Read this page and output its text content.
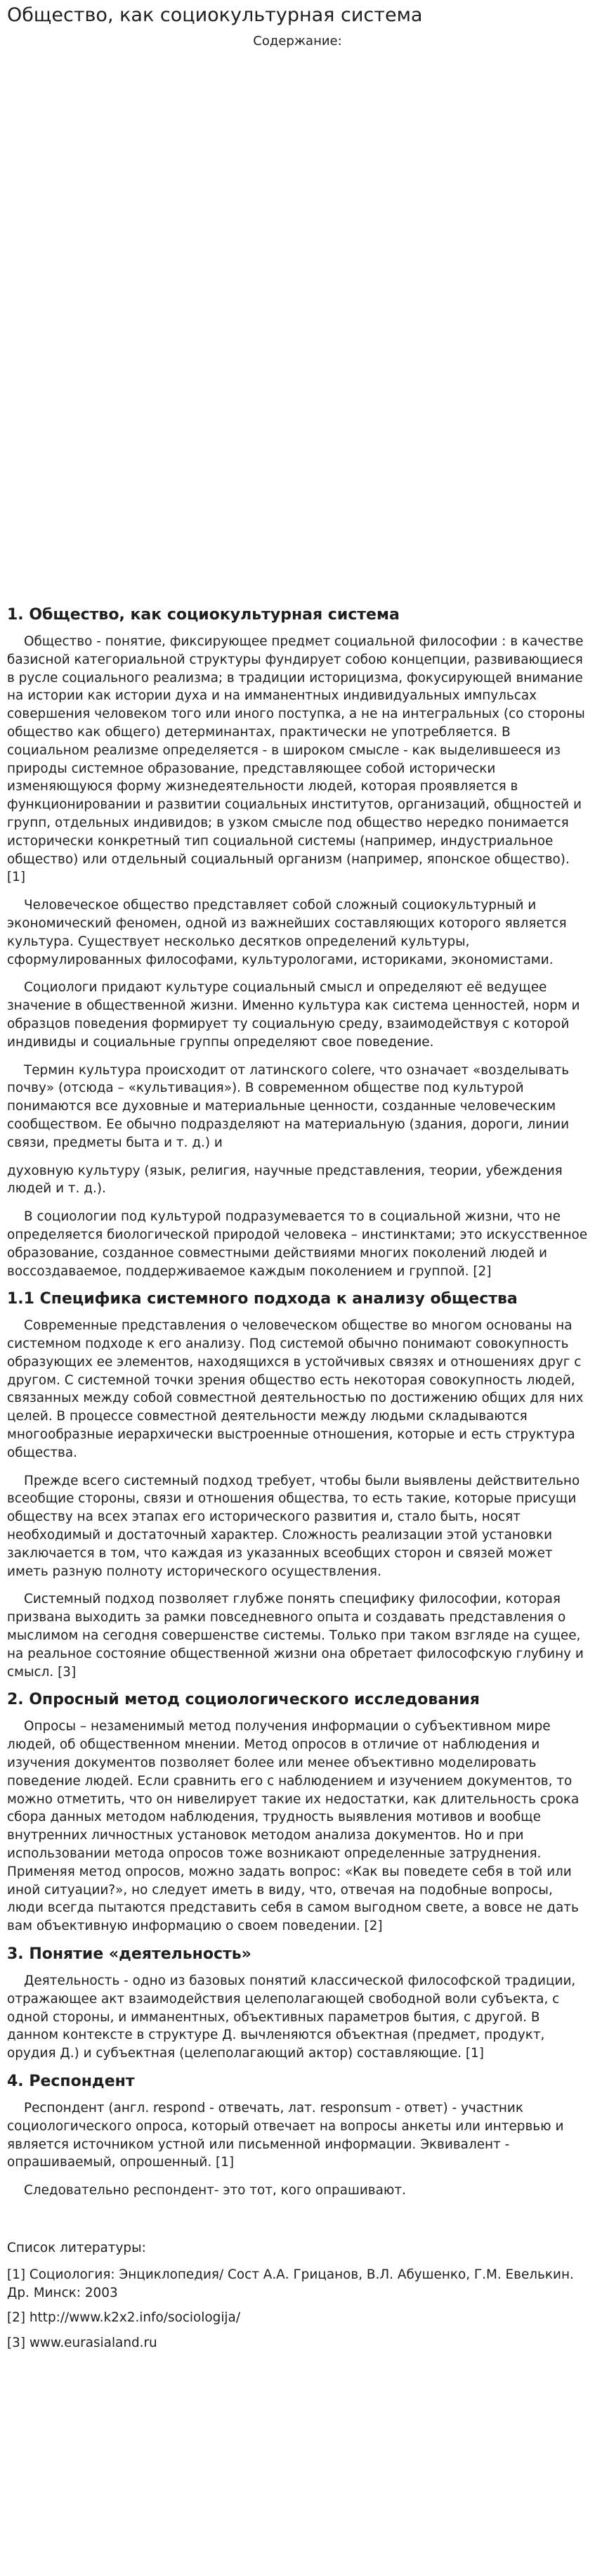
Общество, как социокультурная система
Содержание:
1. Общество, как социокультурная система

Общество - понятие, фиксирующее предмет социальной философии : в качестве базисной категориальной структуры фундирует собою концепции, развивающиеся в русле социального реализма; в традиции историцизма, фокусирующей внимание на истории как истории духа и на имманентных индивидуальных импульсах совершения человеком того или иного поступка, а не на интегральных (со стороны общество как общего) детерминантах, практически не употребляется. В социальном реализме определяется - в широком смысле - как выделившееся из природы системное образование, представляющее собой исторически изменяющуюся форму жизнедеятельности людей, которая проявляется в функционировании и развитии социальных институтов, организаций, общностей и групп, отдельных индивидов; в узком смысле под общество нередко понимается исторически конкретный тип социальной системы (например, индустриальное общество) или отдельный социальный организм (например, японское общество). [1]

Человеческое общество представляет собой сложный социокультурный и экономический феномен, одной из важнейших составляющих которого является культура. Существует несколько десятков определений культуры, сформулированных философами, культурологами, историками, экономистами.

Социологи придают культуре социальный смысл и определяют её ведущее значение в общественной жизни. Именно культура как система ценностей, норм и образцов поведения формирует ту социальную среду, взаимодействуя с которой индивиды и социальные группы определяют свое поведение.

Термин культура происходит от латинского colere, что означает «возделывать почву» (отсюда – «культивация»). В современном обществе под культурой понимаются все духовные и материальные ценности, созданные человеческим сообществом. Ее обычно подразделяют на материальную (здания, дороги, линии связи, предметы быта и т. д.) и

духовную культуру (язык, религия, научные представления, теории, убеждения людей и т. д.).

В социологии под культурой подразумевается то в социальной жизни, что не определяется биологической природой человека – инстинктами; это искусственное образование, созданное совместными действиями многих поколений людей и воссоздаваемое, поддерживаемое каждым поколением и группой. [2]

1.1 Специфика системного подхода к анализу общества

Современные представления о человеческом обществе во многом основаны на системном подходе к его анализу. Под системой обычно понимают совокупность образующих ее элементов, находящихся в устойчивых связях и отношениях друг с другом. С системной точки зрения общество есть некоторая совокупность людей, связанных между собой совместной деятельностью по достижению общих для них целей. В процессе совместной деятельности между людьми складываются многообразные иерархически выстроенные отношения, которые и есть структура общества.

Прежде всего системный подход требует, чтобы были выявлены действительно всеобщие стороны, связи и отношения общества, то есть такие, которые присущи обществу на всех этапах его исторического развития и, стало быть, носят необходимый и достаточный характер. Сложность реализации этой установки заключается в том, что каждая из указанных всеобщих сторон и связей может иметь разную полноту исторического осуществления.

Системный подход позволяет глубже понять специфику философии, которая призвана выходить за рамки повседневного опыта и создавать представления о мыслимом на сегодня совершенстве системы. Только при таком взгляде на сущее, на реальное состояние общественной жизни она обретает философскую глубину и смысл. [3]

2. Опросный метод социологического исследования

Опросы – незаменимый метод получения информации о субъективном мире людей, об общественном мнении. Метод опросов в отличие от наблюдения и изучения документов позволяет более или менее объективно моделировать поведение людей. Если сравнить его с наблюдением и изучением документов, то можно отметить, что он нивелирует такие их недостатки, как длительность срока сбора данных методом наблюдения, трудность выявления мотивов и вообще внутренних личностных установок методом анализа документов. Но и при использовании метода опросов тоже возникают определенные затруднения. Применяя метод опросов, можно задать вопрос: «Как вы поведете себя в той или иной ситуации?», но следует иметь в виду, что, отвечая на подобные вопросы, люди всегда пытаются представить себя в самом выгодном свете, а вовсе не дать вам объективную информацию о своем поведении. [2]

3. Понятие «деятельность»

Деятельность - одно из базовых понятий классической философской традиции, отражающее акт взаимодействия целеполагающей свободной воли субъекта, с одной стороны, и имманентных, объективных параметров бытия, с другой. В данном контексте в структуре Д. вычленяются объектная (предмет, продукт, орудия Д.) и субъектная (целеполагающий актор) составляющие. [1]

4. Респондент

Респондент (англ. respond - отвечать, лат. responsum - ответ) - участник социологического опроса, который отвечает на вопросы анкеты или интервью и является источником устной или письменной информации. Эквивалент - опрашиваемый, опрошенный. [1]

Следовательно респондент- это тот, кого опрашивают.

Список литературы:

[1] Социология: Энциклопедия/ Сост А.А. Грицанов, В.Л. Абушенко, Г.М. Евелькин. Др. Минск: 2003

[2] http://www.k2x2.info/sociologija/

[3] www.eurasialand.ru
